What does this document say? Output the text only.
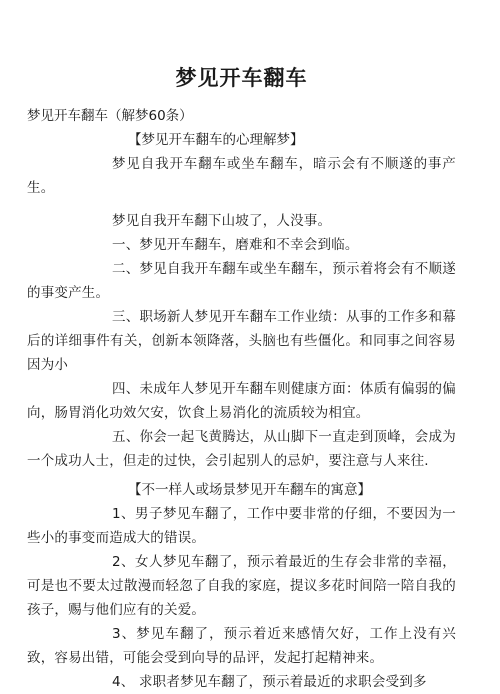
梦见开车翻车

梦见开车翻车（解梦60条）

【梦见开车翻车的心理解梦】

梦见自我开车翻车或坐车翻车，暗示会有不顺遂的事产生。

梦见自我开车翻下山坡了，人没事。

一、梦见开车翻车，磨难和不幸会到临。

二、梦见自我开车翻车或坐车翻车，预示着将会有不顺遂的事变产生。

三、职场新人梦见开车翻车工作业绩：从事的工作多和幕后的详细事件有关，创新本领降落，头脑也有些僵化。和同事之间容易因为小

四、未成年人梦见开车翻车则健康方面：体质有偏弱的偏向，肠胃消化功效欠安，饮食上易消化的流质较为相宜。

五、你会一起飞黄腾达，从山脚下一直走到顶峰，会成为一个成功人士，但走的过快，会引起别人的忌妒，要注意与人来往.

【不一样人或场景梦见开车翻车的寓意】

1、男子梦见车翻了，工作中要非常的仔细，不要因为一些小的事变而造成大的错误。

2、女人梦见车翻了，预示着最近的生存会非常的幸福，可是也不要太过散漫而轻忽了自我的家庭，提议多花时间陪一陪自我的孩子，赐与他们应有的关爱。

3、梦见车翻了，预示着近来感情欠好，工作上没有兴致，容易出错，可能会受到向导的品评，发起打起精神来。

4、 求职者梦见车翻了，预示着最近的求职会受到多
